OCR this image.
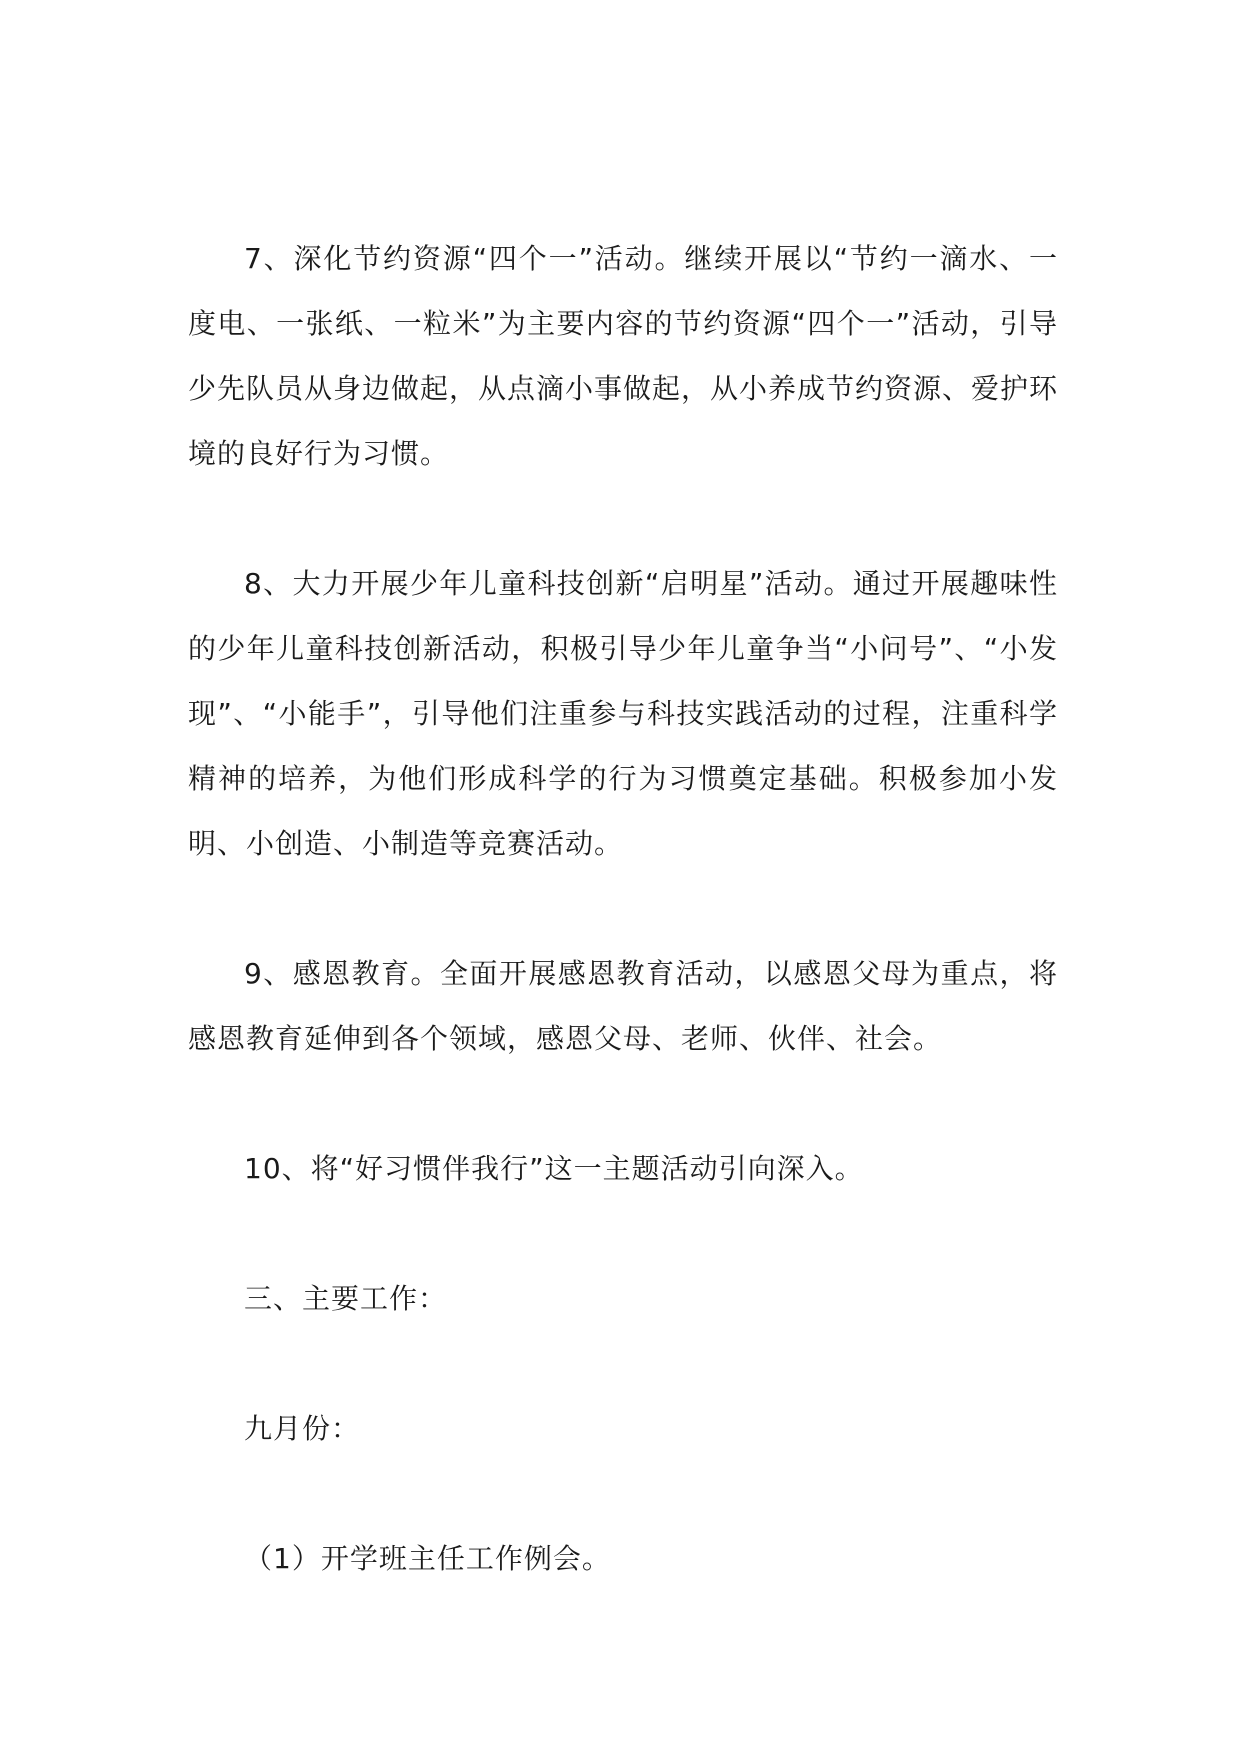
7、深化节约资源“四个一”活动。继续开展以“节约一滴水、一度电、一张纸、一粒米”为主要内容的节约资源“四个一”活动，引导少先队员从身边做起，从点滴小事做起，从小养成节约资源、爱护环境的良好行为习惯。

8、大力开展少年儿童科技创新“启明星”活动。通过开展趣味性的少年儿童科技创新活动，积极引导少年儿童争当“小问号”、“小发现”、“小能手”，引导他们注重参与科技实践活动的过程，注重科学精神的培养，为他们形成科学的行为习惯奠定基础。积极参加小发明、小创造、小制造等竞赛活动。

9、感恩教育。全面开展感恩教育活动，以感恩父母为重点，将感恩教育延伸到各个领域，感恩父母、老师、伙伴、社会。

10、将“好习惯伴我行”这一主题活动引向深入。

三、主要工作：

九月份：

（1）开学班主任工作例会。
